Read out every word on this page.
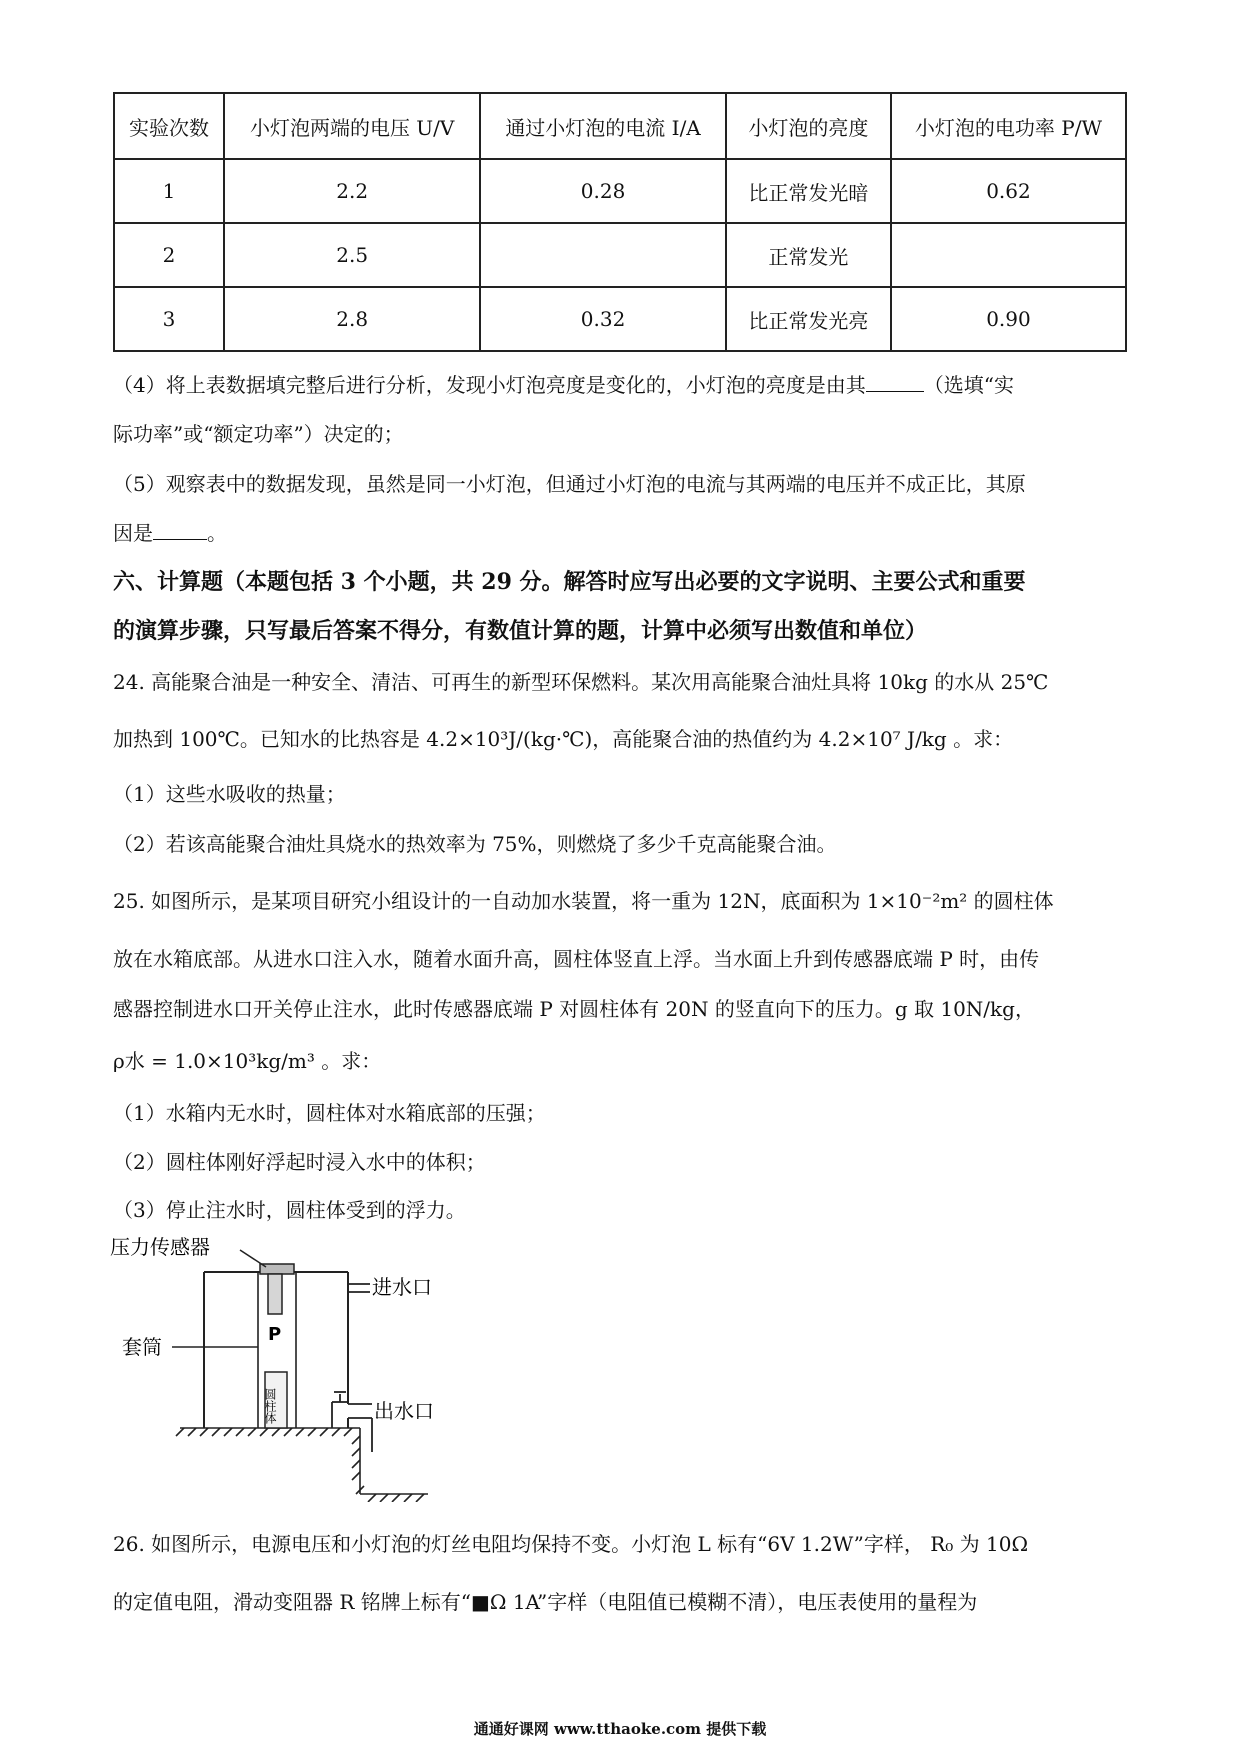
实验次数	小灯泡两端的电压 U/V	通过小灯泡的电流 I/A	小灯泡的亮度	小灯泡的电功率 P/W
1	2.2	0.28	比正常发光暗	0.62
2	2.5		正常发光	
3	2.8	0.32	比正常发光亮	0.90
（4）将上表数据填完整后进行分析，发现小灯泡亮度是变化的，小灯泡的亮度是由其	（选填“实
际功率”或“额定功率”）决定的；
（5）观察表中的数据发现，虽然是同一小灯泡，但通过小灯泡的电流与其两端的电压并不成正比，其原
因是	。
六、计算题（本题包括 3 个小题，共 29 分。解答时应写出必要的文字说明、主要公式和重要
的演算步骤，只写最后答案不得分，有数值计算的题，计算中必须写出数值和单位）
24. 高能聚合油是一种安全、清洁、可再生的新型环保燃料。某次用高能聚合油灶具将 10kg 的水从 25℃
加热到 100℃。已知水的比热容是 4.2×10³J/(kg·℃)，高能聚合油的热值约为 4.2×10⁷ J/kg 。求：
（1）这些水吸收的热量；
（2）若该高能聚合油灶具烧水的热效率为 75%，则燃烧了多少千克高能聚合油。
25. 如图所示，是某项目研究小组设计的一自动加水装置，将一重为 12N，底面积为 1×10⁻²m² 的圆柱体
放在水箱底部。从进水口注入水，随着水面升高，圆柱体竖直上浮。当水面上升到传感器底端 P 时，由传
感器控制进水口开关停止注水，此时传感器底端 P 对圆柱体有 20N 的竖直向下的压力。g 取 10N/kg，
ρ水 = 1.0×10³kg/m³ 。求：
（1）水箱内无水时，圆柱体对水箱底部的压强；
（2）圆柱体刚好浮起时浸入水中的体积；
（3）停止注水时，圆柱体受到的浮力。
压力传感器
进水口
套筒
P
圆柱体	出水口
26. 如图所示，电源电压和小灯泡的灯丝电阻均保持不变。小灯泡 L 标有“6V 1.2W”字样， R₀ 为 10Ω
的定值电阻，滑动变阻器 R 铭牌上标有“■Ω 1A”字样（电阻值已模糊不清），电压表使用的量程为
通通好课网 www.tthaoke.com 提供下载
